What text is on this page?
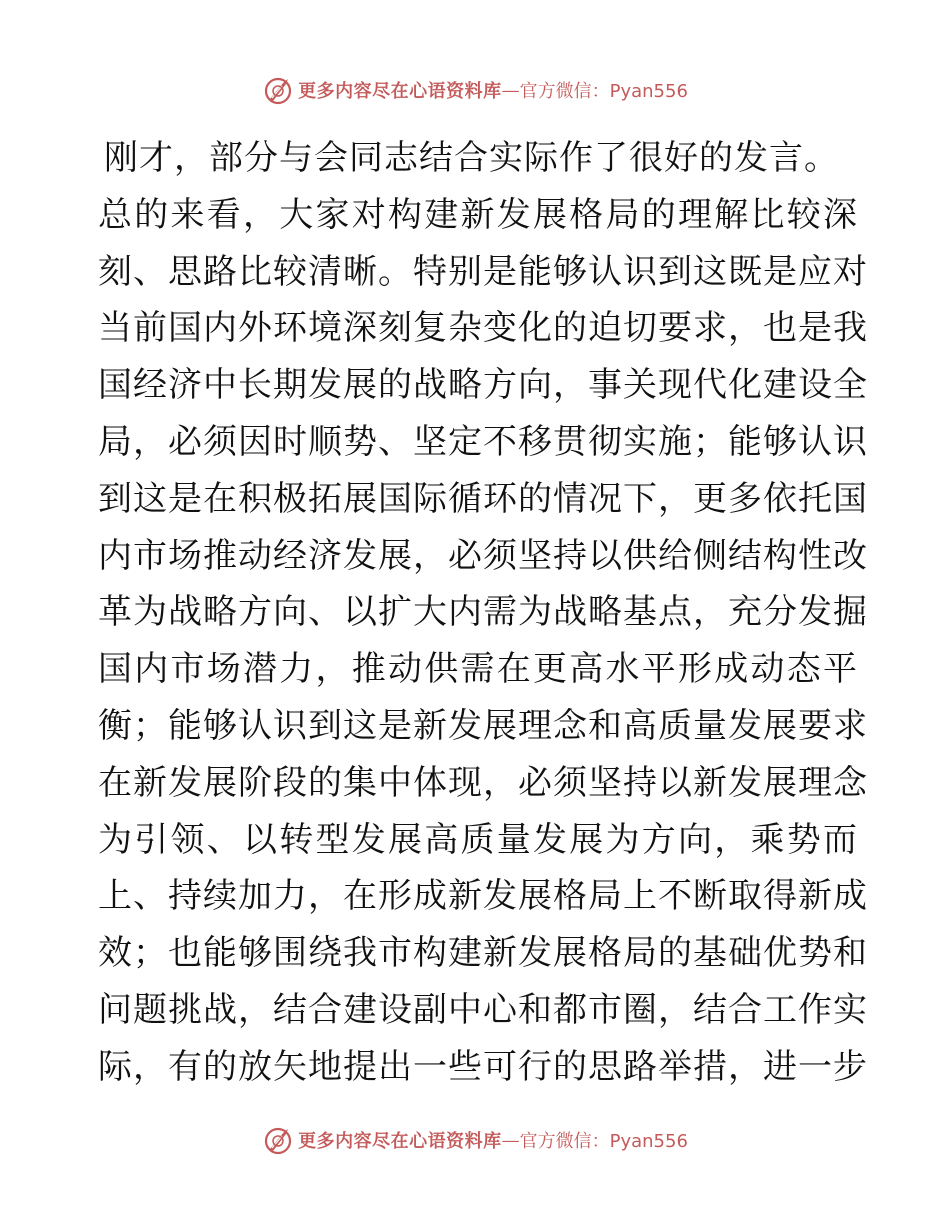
更多内容尽在心语资料库 — 官方微信：Pyan556
刚才，部分与会同志结合实际作了很好的发言。
总的来看，大家对构建新发展格局的理解比较深
刻、思路比较清晰。特别是能够认识到这既是应对
当前国内外环境深刻复杂变化的迫切要求，也是我
国经济中长期发展的战略方向，事关现代化建设全
局，必须因时顺势、坚定不移贯彻实施；能够认识
到这是在积极拓展国际循环的情况下，更多依托国
内市场推动经济发展，必须坚持以供给侧结构性改
革为战略方向、以扩大内需为战略基点，充分发掘
国内市场潜力，推动供需在更高水平形成动态平
衡；能够认识到这是新发展理念和高质量发展要求
在新发展阶段的集中体现，必须坚持以新发展理念
为引领、以转型发展高质量发展为方向，乘势而
上、持续加力，在形成新发展格局上不断取得新成
效；也能够围绕我市构建新发展格局的基础优势和
问题挑战，结合建设副中心和都市圈，结合工作实
际，有的放矢地提出一些可行的思路举措，进一步
更多内容尽在心语资料库 — 官方微信：Pyan556
